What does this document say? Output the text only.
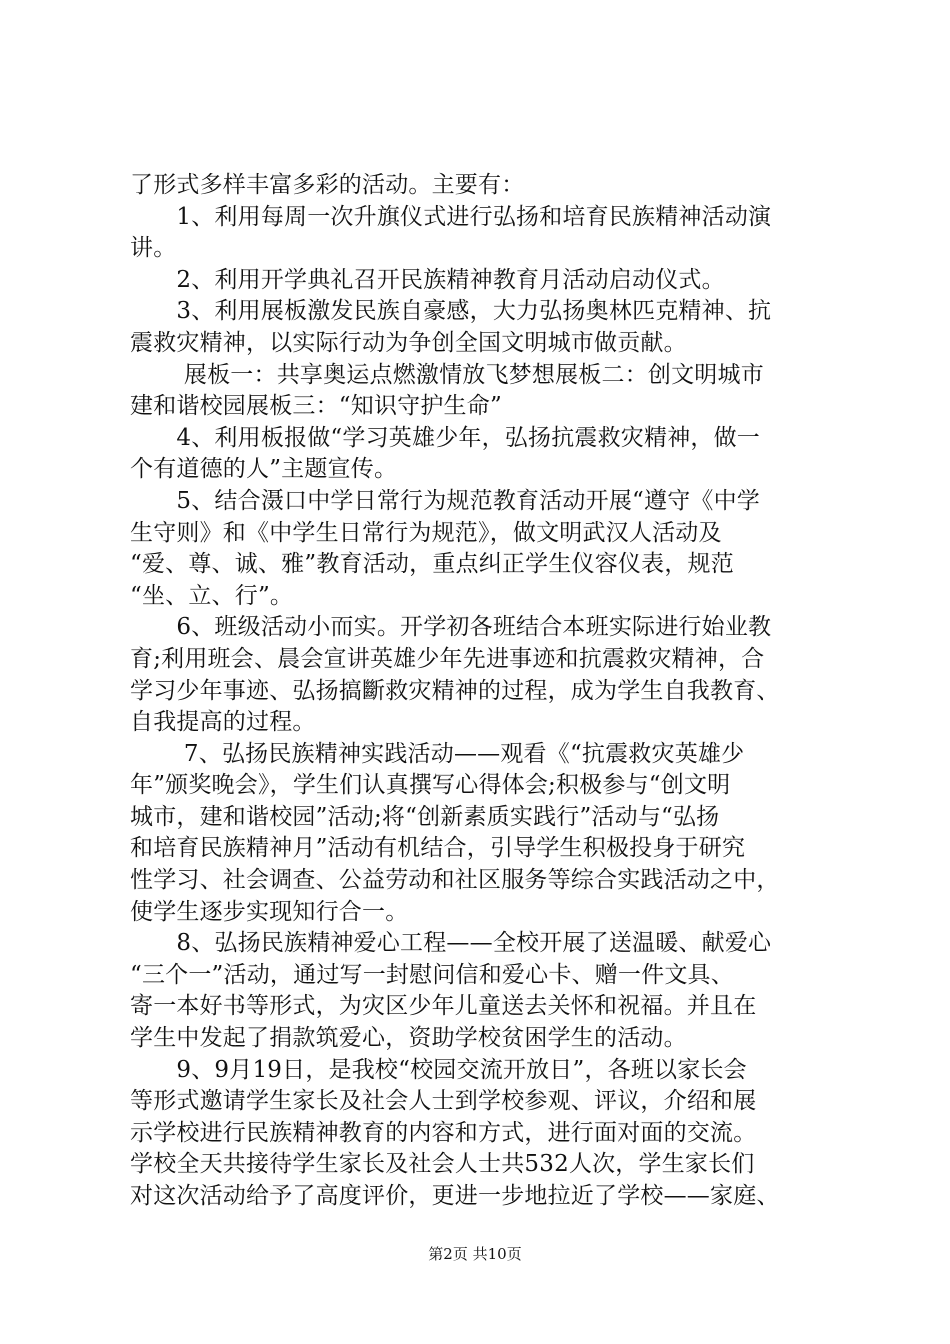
了形式多样丰富多彩的活动。主要有：
　　1、利用每周一次升旗仪式进行弘扬和培育民族精神活动演
讲。
　　2、利用开学典礼召开民族精神教育月活动启动仪式。
　　3、利用展板激发民族自豪感，大力弘扬奥林匹克精神、抗
震救灾精神，以实际行动为争创全国文明城市做贡献。
　　 展板一：共享奥运点燃激情放飞梦想展板二：创文明城市
建和谐校园展板三：“知识守护生命”
　　4、利用板报做“学习英雄少年，弘扬抗震救灾精神，做一
个有道德的人”主题宣传。
　　5、结合滠口中学日常行为规范教育活动开展“遵守《中学
生守则》和《中学生日常行为规范》，做文明武汉人活动及
“爱、尊、诚、雅”教育活动，重点纠正学生仪容仪表，规范
“坐、立、行”。
　　6、班级活动小而实。开学初各班结合本班实际进行始业教
育;利用班会、晨会宣讲英雄少年先进事迹和抗震救灾精神，合
学习少年事迹、弘扬搞斷救灾精神的过程，成为学生自我教育、
自我提高的过程。
　　 7、弘扬民族精神实践活动——观看《“抗震救灾英雄少
年”颁奖晚会》，学生们认真撰写心得体会;积极参与“创文明
城市，建和谐校园”活动;将“创新素质实践行”活动与“弘扬
和培育民族精神月”活动有机结合，引导学生积极投身于研究
性学习、社会调查、公益劳动和社区服务等综合实践活动之中，
使学生逐步实现知行合一。
　　8、弘扬民族精神爱心工程——全校开展了送温暖、献爱心
“三个一”活动，通过写一封慰问信和爱心卡、赠一件文具、
寄一本好书等形式，为灾区少年儿童送去关怀和祝福。并且在
学生中发起了捐款筑爱心，资助学校贫困学生的活动。
　　9、9月19日，是我校“校园交流开放日”，各班以家长会
等形式邀请学生家长及社会人士到学校参观、评议，介绍和展
示学校进行民族精神教育的内容和方式，进行面对面的交流。
学校全天共接待学生家长及社会人士共532人次，学生家长们
对这次活动给予了高度评价，更进一步地拉近了学校——家庭、
第2页 共10页
